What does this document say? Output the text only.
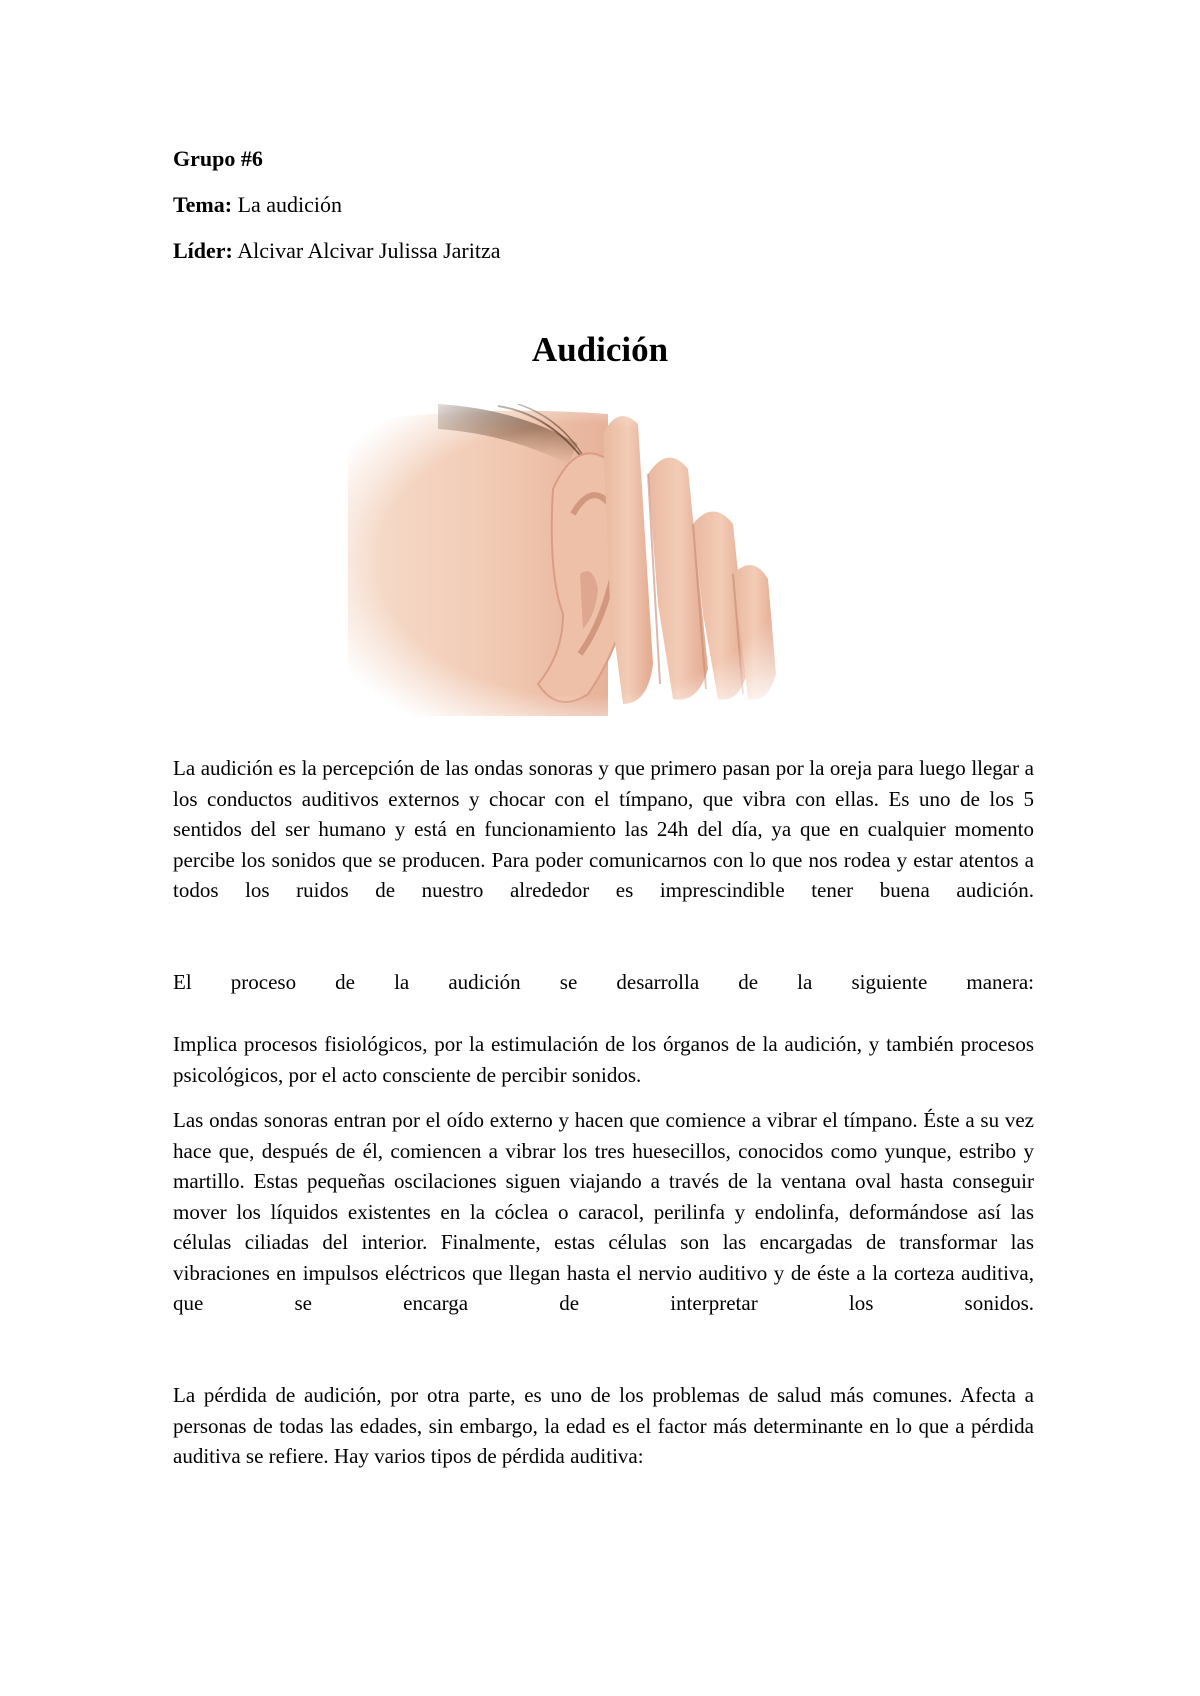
Grupo #6
Tema: La audición
Líder: Alcivar Alcivar Julissa Jaritza
Audición
La audición es la percepción de las ondas sonoras y que primero pasan por la oreja para luego llegar a los conductos auditivos externos y chocar con el tímpano, que vibra con ellas. Es uno de los 5 sentidos del ser humano y está en funcionamiento las 24h del día, ya que en cualquier momento percibe los sonidos que se producen. Para poder comunicarnos con lo que nos rodea y estar atentos a todos los ruidos de nuestro alrededor es imprescindible tener buena audición.
El proceso de la audición se desarrolla de la siguiente manera:
Implica procesos fisiológicos, por la estimulación de los órganos de la audición, y también procesos psicológicos, por el acto consciente de percibir sonidos.
Las ondas sonoras entran por el oído externo y hacen que comience a vibrar el tímpano. Éste a su vez hace que, después de él, comiencen a vibrar los tres huesecillos, conocidos como yunque, estribo y martillo. Estas pequeñas oscilaciones siguen viajando a través de la ventana oval hasta conseguir mover los líquidos existentes en la cóclea o caracol, perilinfa y endolinfa, deformándose así las células ciliadas del interior. Finalmente, estas células son las encargadas de transformar las vibraciones en impulsos eléctricos que llegan hasta el nervio auditivo y de éste a la corteza auditiva, que se encarga de interpretar los sonidos.
La pérdida de audición, por otra parte, es uno de los problemas de salud más comunes. Afecta a personas de todas las edades, sin embargo, la edad es el factor más determinante en lo que a pérdida auditiva se refiere. Hay varios tipos de pérdida auditiva:
